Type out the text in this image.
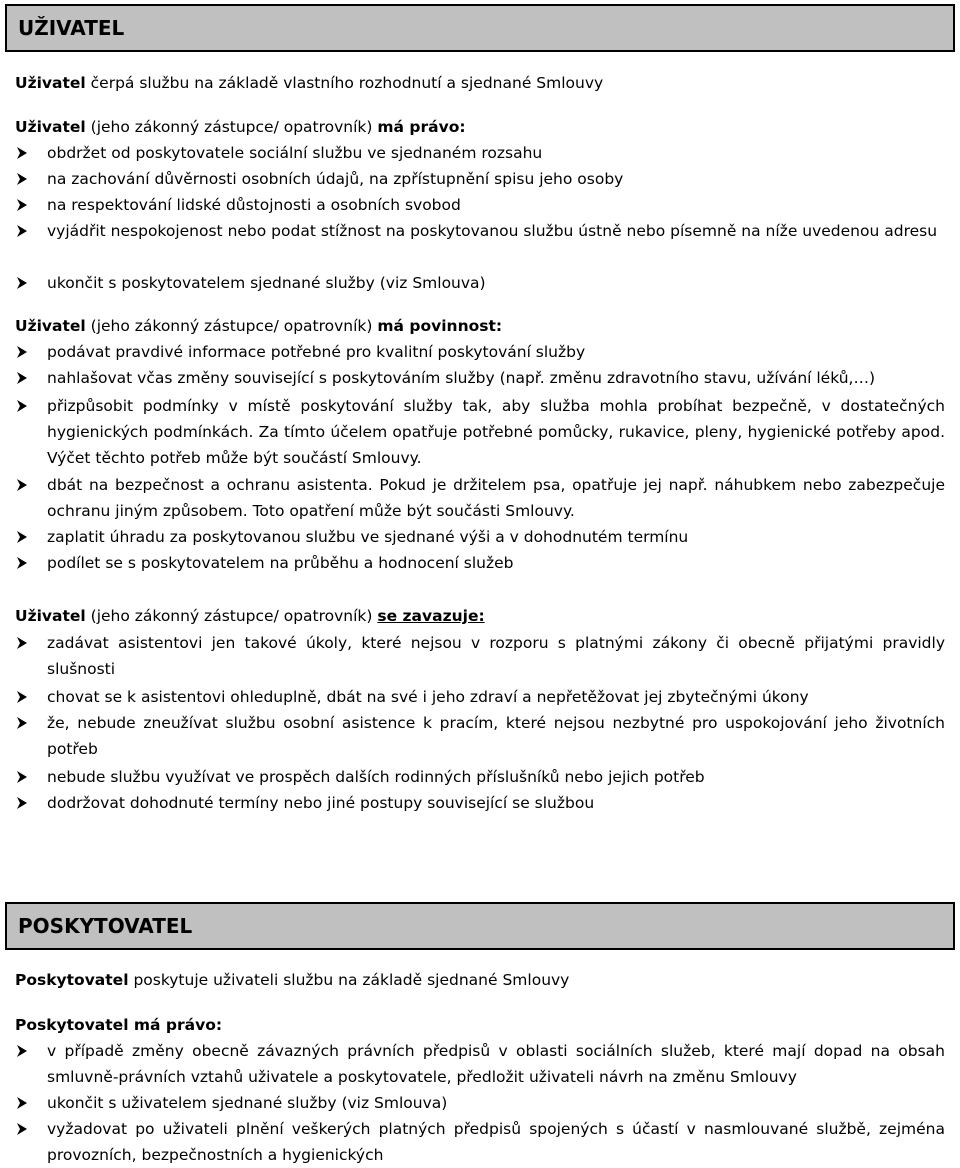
UŽIVATEL
Uživatel čerpá službu na základě vlastního rozhodnutí a sjednané Smlouvy
Uživatel (jeho zákonný zástupce/ opatrovník) má právo:
obdržet od poskytovatele sociální službu ve sjednaném rozsahu
na zachování důvěrnosti osobních údajů, na zpřístupnění spisu jeho osoby
na respektování lidské důstojnosti a osobních svobod
vyjádřit nespokojenost nebo podat stížnost na poskytovanou službu ústně nebo písemně na níže uvedenou adresu
ukončit s poskytovatelem sjednané služby (viz Smlouva)
Uživatel (jeho zákonný zástupce/ opatrovník) má povinnost:
podávat pravdivé informace potřebné pro kvalitní poskytování služby
nahlašovat včas změny související s poskytováním služby (např. změnu zdravotního stavu, užívání léků,…)
přizpůsobit podmínky v místě poskytování služby tak, aby služba mohla probíhat bezpečně, v dostatečných hygienických podmínkách. Za tímto účelem opatřuje potřebné pomůcky, rukavice, pleny, hygienické potřeby apod. Výčet těchto potřeb může být součástí Smlouvy.
dbát na bezpečnost a ochranu asistenta. Pokud je držitelem psa, opatřuje jej např. náhubkem nebo zabezpečuje ochranu jiným způsobem. Toto opatření může být součásti Smlouvy.
zaplatit úhradu za poskytovanou službu ve sjednané výši a v dohodnutém termínu
podílet se s poskytovatelem na průběhu a hodnocení služeb
Uživatel (jeho zákonný zástupce/ opatrovník) se zavazuje:
zadávat asistentovi jen takové úkoly, které nejsou v rozporu s platnými zákony či obecně přijatými pravidly slušnosti
chovat se k asistentovi ohleduplně, dbát na své i jeho zdraví a nepřetěžovat jej zbytečnými úkony
že, nebude zneužívat službu osobní asistence k pracím, které nejsou nezbytné pro uspokojování jeho životních potřeb
nebude službu využívat ve prospěch dalších rodinných příslušníků nebo jejich potřeb
dodržovat dohodnuté termíny nebo jiné postupy související se službou
POSKYTOVATEL
Poskytovatel poskytuje uživateli službu na základě sjednané Smlouvy
Poskytovatel má právo:
v případě změny obecně závazných právních předpisů v oblasti sociálních služeb, které mají dopad na obsah smluvně-právních vztahů uživatele a poskytovatele, předložit uživateli návrh na změnu Smlouvy
ukončit s uživatelem sjednané služby (viz Smlouva)
vyžadovat po uživateli plnění veškerých platných předpisů spojených s účastí v nasmlouvané službě, zejména provozních, bezpečnostních a hygienických
